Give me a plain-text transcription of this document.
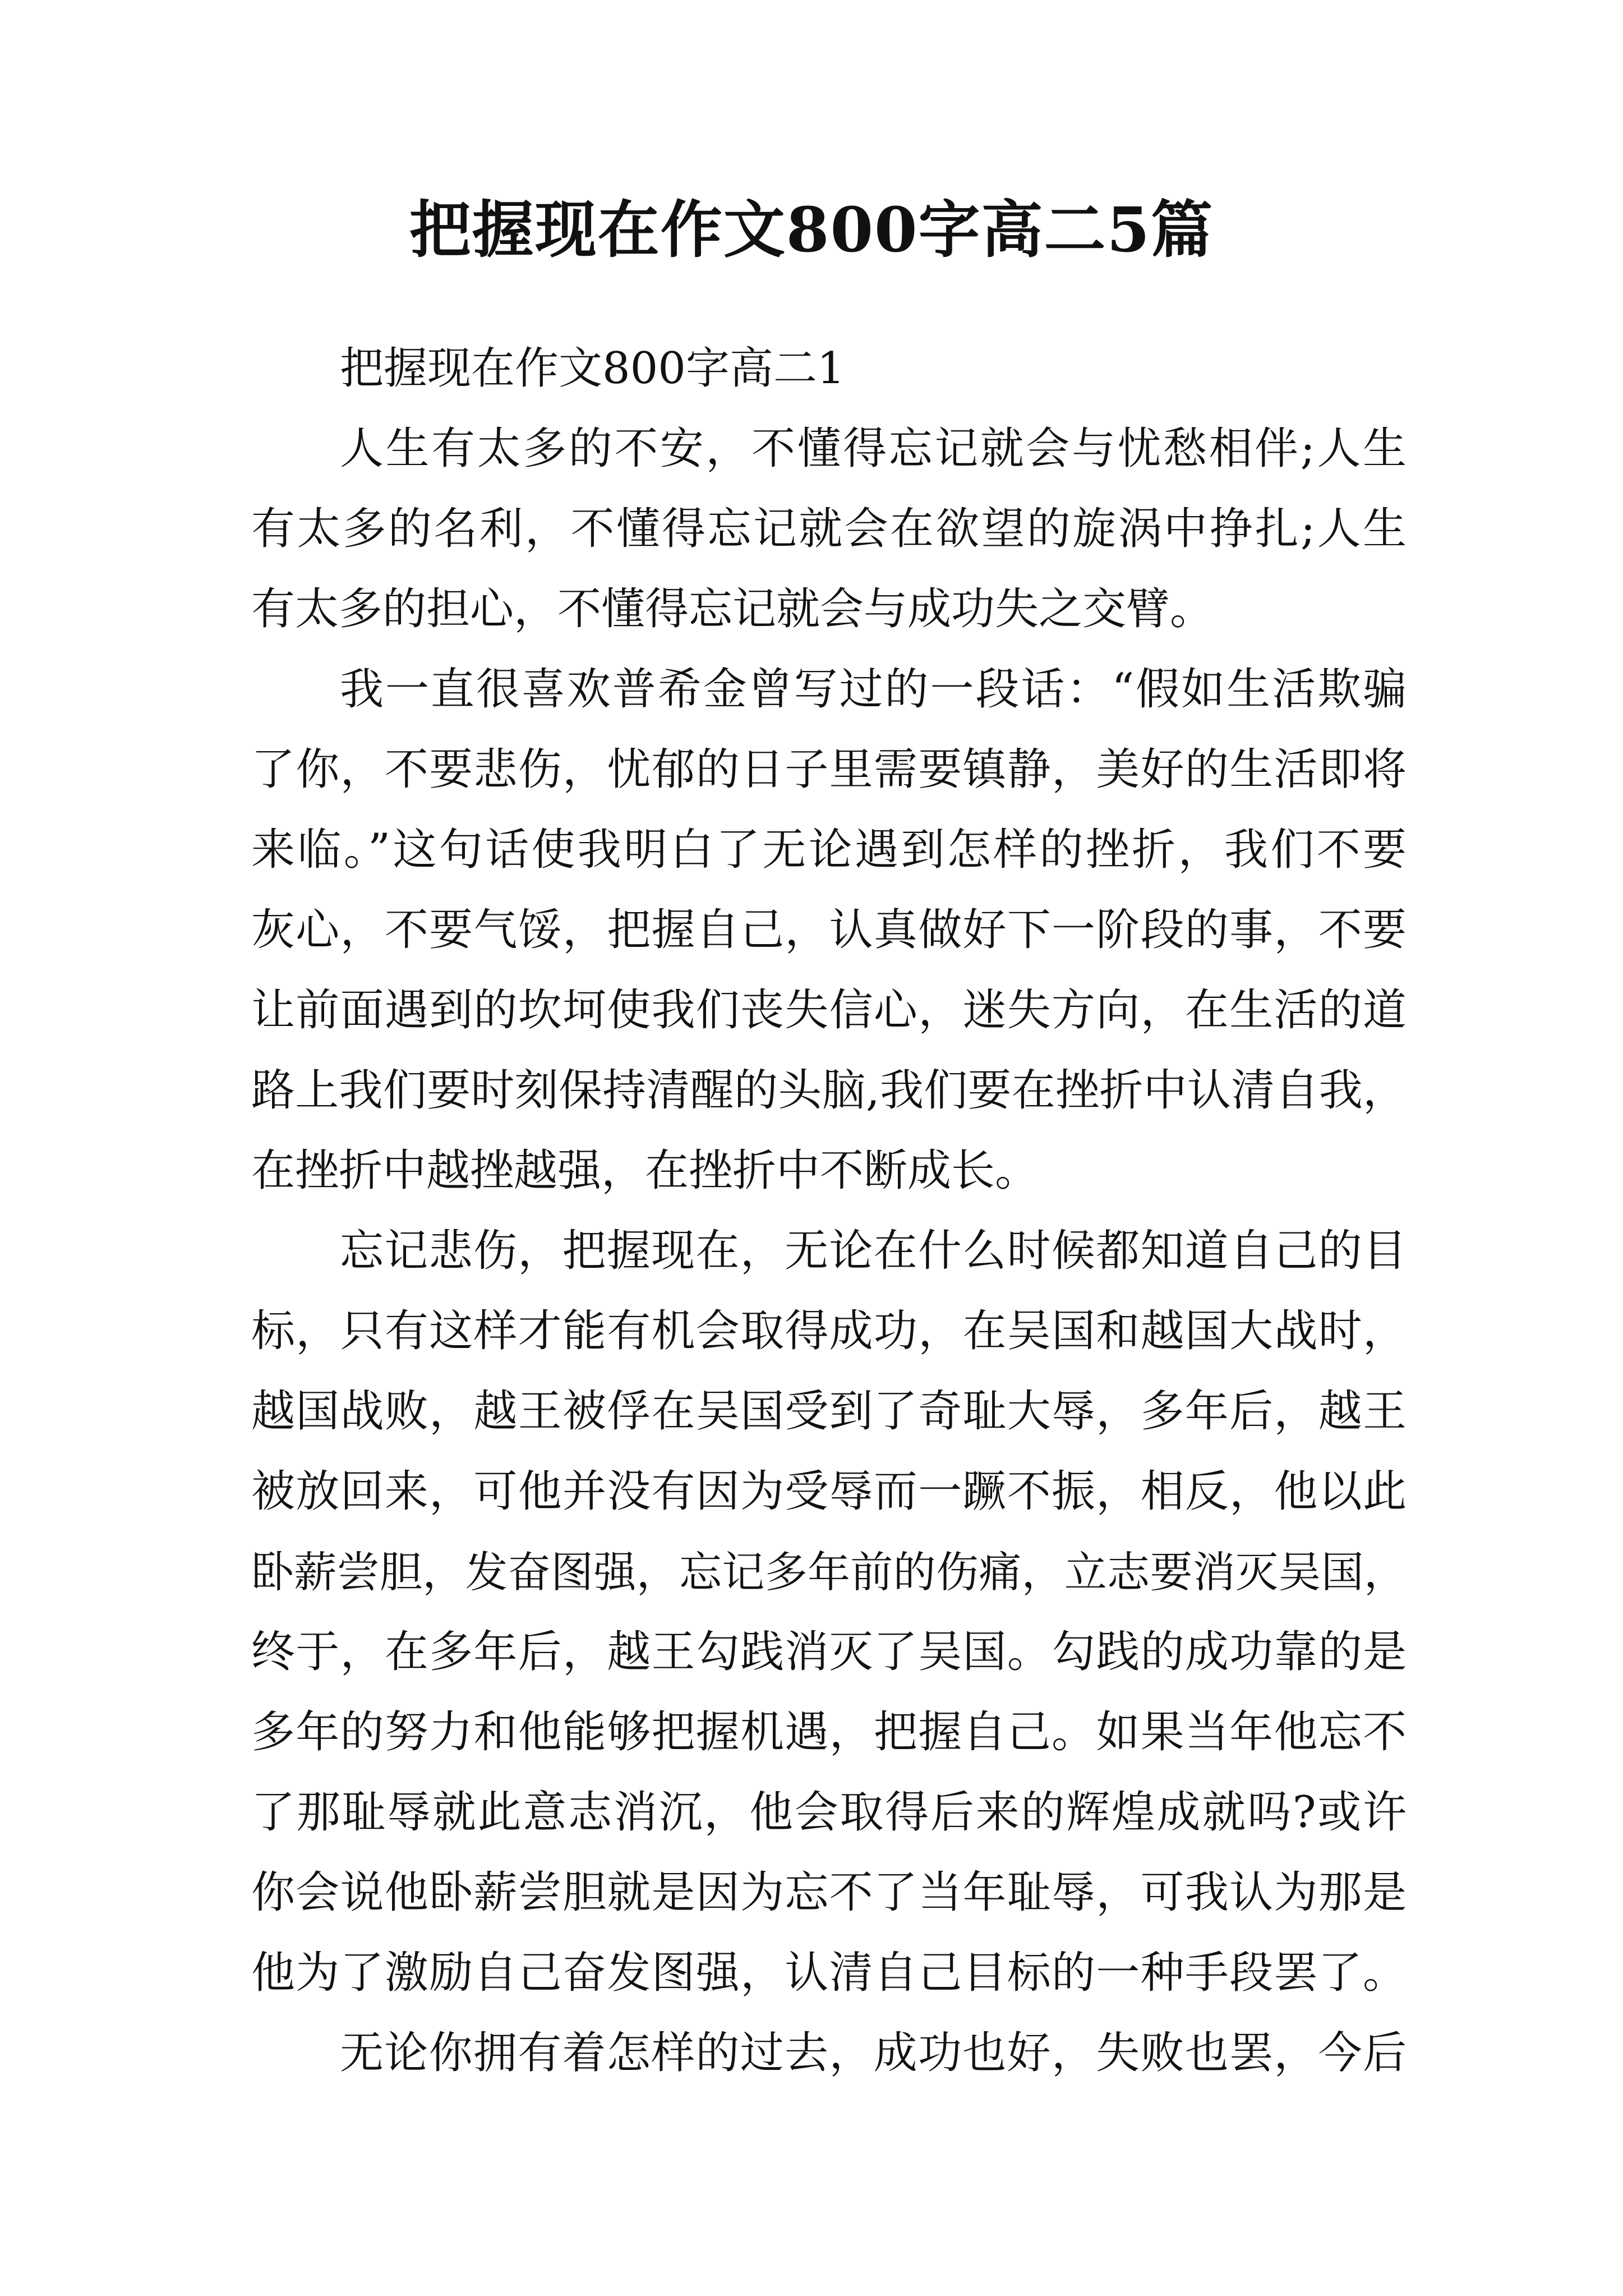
把握现在作文800字高二5篇
把握现在作文800字高二1
人生有太多的不安，不懂得忘记就会与忧愁相伴;人生
有太多的名利，不懂得忘记就会在欲望的旋涡中挣扎;人生
有太多的担心，不懂得忘记就会与成功失之交臂。
我一直很喜欢普希金曾写过的一段话：“假如生活欺骗
了你，不要悲伤，忧郁的日子里需要镇静，美好的生活即将
来临。”这句话使我明白了无论遇到怎样的挫折，我们不要
灰心，不要气馁，把握自己，认真做好下一阶段的事，不要
让前面遇到的坎坷使我们丧失信心，迷失方向，在生活的道
路上我们要时刻保持清醒的头脑,我们要在挫折中认清自我，
在挫折中越挫越强，在挫折中不断成长。
忘记悲伤，把握现在，无论在什么时候都知道自己的目
标，只有这样才能有机会取得成功，在吴国和越国大战时，
越国战败，越王被俘在吴国受到了奇耻大辱，多年后，越王
被放回来，可他并没有因为受辱而一蹶不振，相反，他以此
卧薪尝胆，发奋图强，忘记多年前的伤痛，立志要消灭吴国，
终于，在多年后，越王勾践消灭了吴国。勾践的成功靠的是
多年的努力和他能够把握机遇，把握自己。如果当年他忘不
了那耻辱就此意志消沉，他会取得后来的辉煌成就吗?或许
你会说他卧薪尝胆就是因为忘不了当年耻辱，可我认为那是
他为了激励自己奋发图强，认清自己目标的一种手段罢了。
无论你拥有着怎样的过去，成功也好，失败也罢，今后
